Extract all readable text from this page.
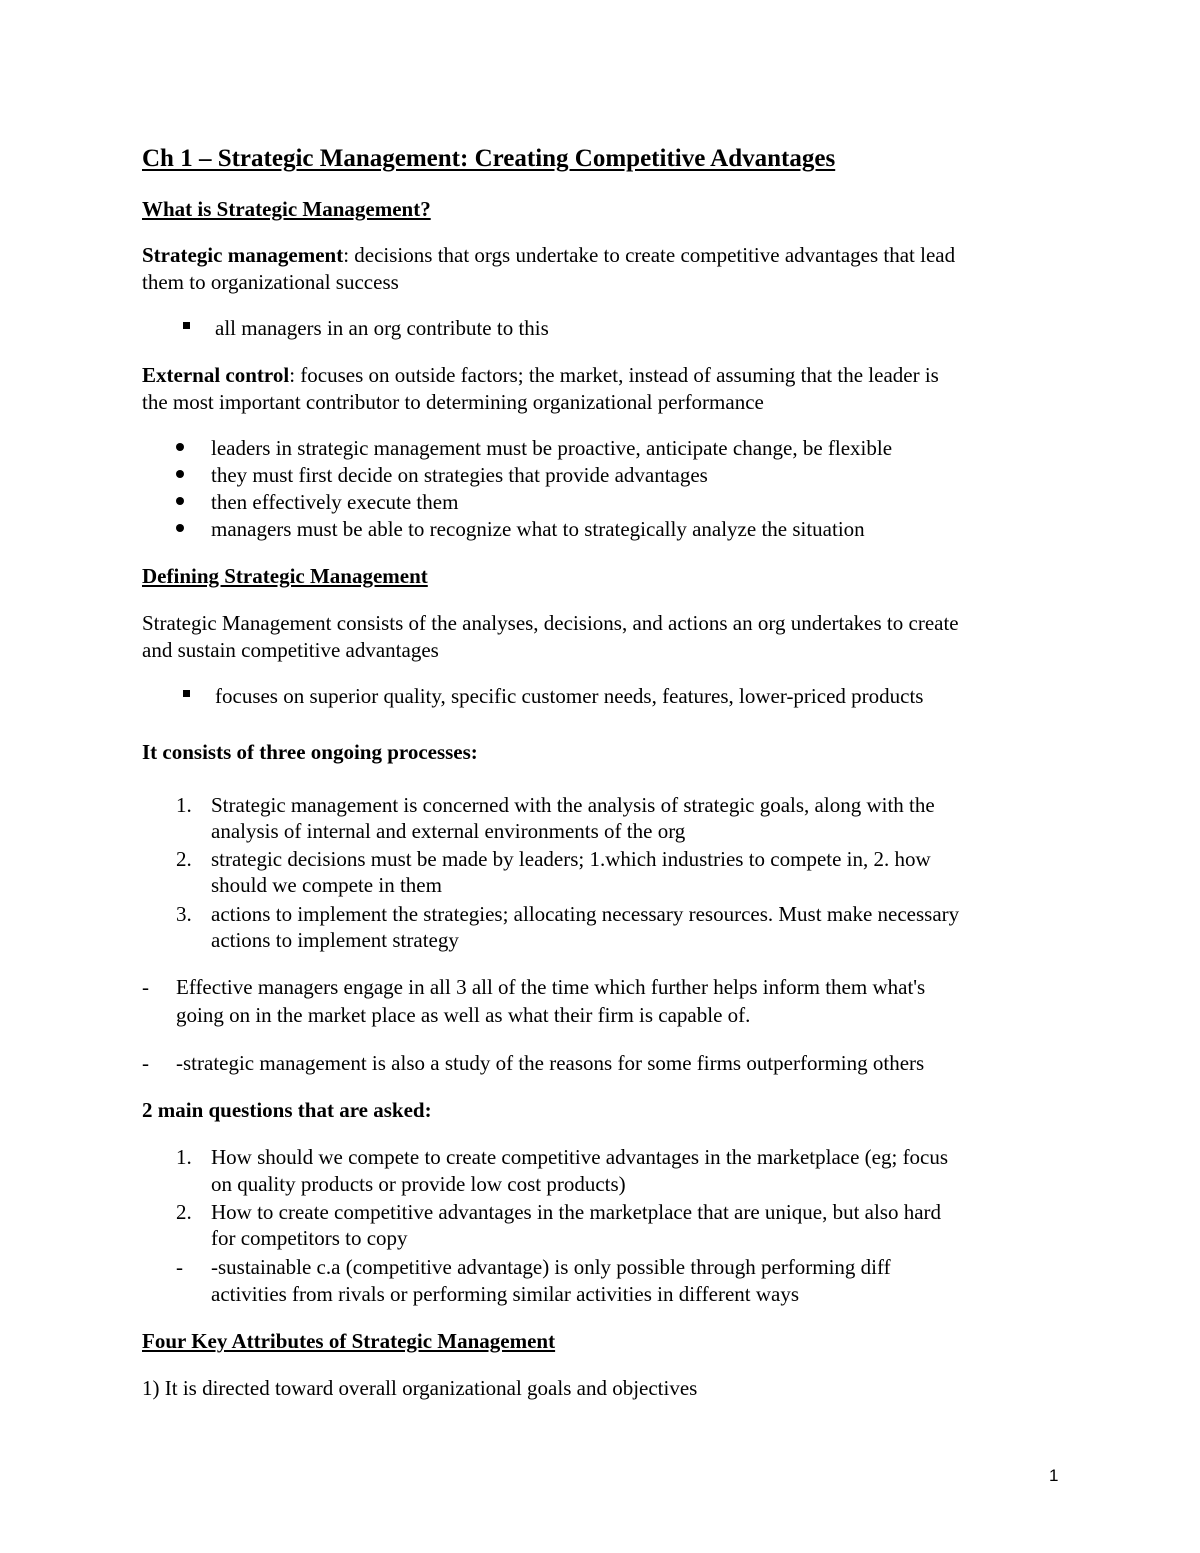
Ch 1 – Strategic Management: Creating Competitive Advantages

What is Strategic Management?

Strategic management: decisions that orgs undertake to create competitive advantages that lead

them to organizational success

all managers in an org contribute to this

External control: focuses on outside factors; the market, instead of assuming that the leader is

the most important contributor to determining organizational performance

leaders in strategic management must be proactive, anticipate change, be flexible

they must first decide on strategies that provide advantages

then effectively execute them

managers must be able to recognize what to strategically analyze the situation

Defining Strategic Management

Strategic Management consists of the analyses, decisions, and actions an org undertakes to create

and sustain competitive advantages

focuses on superior quality, specific customer needs, features, lower-priced products

It consists of three ongoing processes:

1. Strategic management is concerned with the analysis of strategic goals, along with the

analysis of internal and external environments of the org

2. strategic decisions must be made by leaders; 1.which industries to compete in, 2. how

should we compete in them

3. actions to implement the strategies; allocating necessary resources. Must make necessary

actions to implement strategy

- Effective managers engage in all 3 all of the time which further helps inform them what's

going on in the market place as well as what their firm is capable of.

- -strategic management is also a study of the reasons for some firms outperforming others

2 main questions that are asked:

1. How should we compete to create competitive advantages in the marketplace (eg; focus

on quality products or provide low cost products)

2. How to create competitive advantages in the marketplace that are unique, but also hard

for competitors to copy

- -sustainable c.a (competitive advantage) is only possible through performing diff

activities from rivals or performing similar activities in different ways

Four Key Attributes of Strategic Management

1) It is directed toward overall organizational goals and objectives

1
